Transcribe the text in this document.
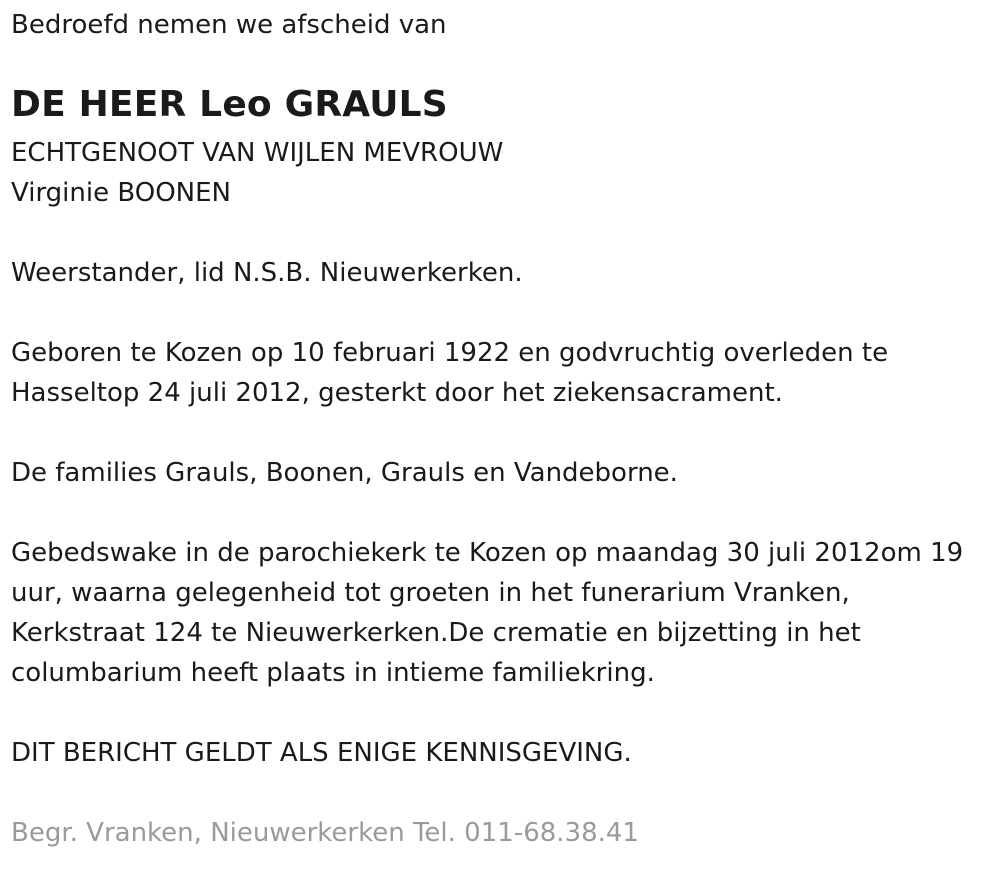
Bedroefd nemen we afscheid van

DE HEER Leo GRAULS

ECHTGENOOT VAN WIJLEN MEVROUW

Virginie BOONEN

Weerstander, lid N.S.B. Nieuwerkerken.

Geboren te Kozen op 10 februari 1922 en godvruchtig overleden te

Hasseltop 24 juli 2012, gesterkt door het ziekensacrament.

De families Grauls, Boonen, Grauls en Vandeborne.

Gebedswake in de parochiekerk te Kozen op maandag 30 juli 2012om 19

uur, waarna gelegenheid tot groeten in het funerarium Vranken,

Kerkstraat 124 te Nieuwerkerken.De crematie en bijzetting in het

columbarium heeft plaats in intieme familiekring.

DIT BERICHT GELDT ALS ENIGE KENNISGEVING.

Begr. Vranken, Nieuwerkerken Tel. 011-68.38.41
